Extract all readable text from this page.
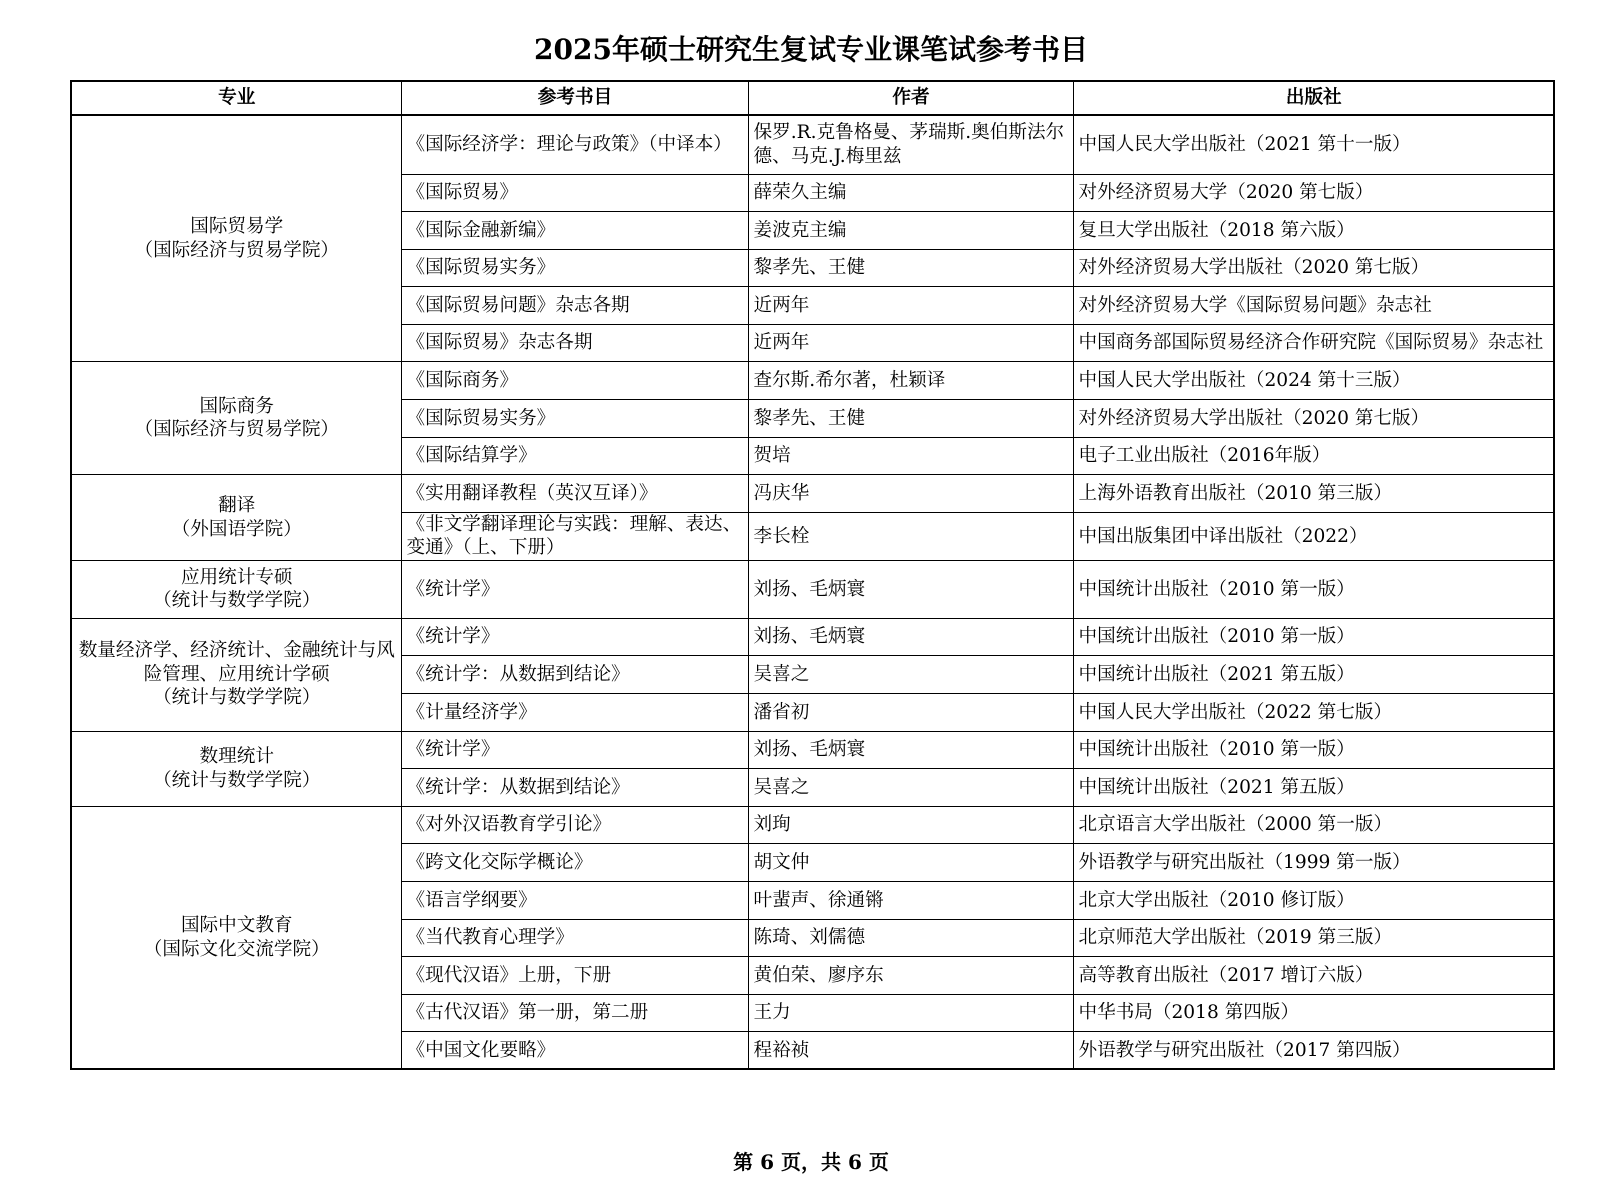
2025年硕士研究生复试专业课笔试参考书目
专业	参考书目	作者	出版社

国际贸易学
（国际经济与贸易学院）	《国际经济学：理论与政策》（中译本）	保罗.R.克鲁格曼、茅瑞斯.奥伯斯法尔德、马克.J.梅里兹	中国人民大学出版社（2021 第十一版）
	《国际贸易》	薛荣久主编	对外经济贸易大学（2020 第七版）
	《国际金融新编》	姜波克主编	复旦大学出版社（2018 第六版）
	《国际贸易实务》	黎孝先、王健	对外经济贸易大学出版社（2020 第七版）
	《国际贸易问题》杂志各期	近两年	对外经济贸易大学《国际贸易问题》杂志社
	《国际贸易》杂志各期	近两年	中国商务部国际贸易经济合作研究院《国际贸易》杂志社

国际商务
（国际经济与贸易学院）	《国际商务》	查尔斯.希尔著，杜颖译	中国人民大学出版社（2024 第十三版）
	《国际贸易实务》	黎孝先、王健	对外经济贸易大学出版社（2020 第七版）
	《国际结算学》	贺培	电子工业出版社（2016年版）

翻译
（外国语学院）	《实用翻译教程（英汉互译）》	冯庆华	上海外语教育出版社（2010 第三版）
	《非文学翻译理论与实践：理解、表达、变通》（上、下册）	李长栓	中国出版集团中译出版社（2022）

应用统计专硕
（统计与数学学院）	《统计学》	刘扬、毛炳寰	中国统计出版社（2010 第一版）

数量经济学、经济统计、金融统计与风险管理、应用统计学硕
（统计与数学学院）	《统计学》	刘扬、毛炳寰	中国统计出版社（2010 第一版）
	《统计学：从数据到结论》	吴喜之	中国统计出版社（2021 第五版）
	《计量经济学》	潘省初	中国人民大学出版社（2022 第七版）

数理统计
（统计与数学学院）	《统计学》	刘扬、毛炳寰	中国统计出版社（2010 第一版）
	《统计学：从数据到结论》	吴喜之	中国统计出版社（2021 第五版）

国际中文教育
（国际文化交流学院）	《对外汉语教育学引论》	刘珣	北京语言大学出版社（2000 第一版）
	《跨文化交际学概论》	胡文仲	外语教学与研究出版社（1999 第一版）
	《语言学纲要》	叶蜚声、徐通锵	北京大学出版社（2010 修订版）
	《当代教育心理学》	陈琦、刘儒德	北京师范大学出版社（2019 第三版）
	《现代汉语》上册，下册	黄伯荣、廖序东	高等教育出版社（2017 增订六版）
	《古代汉语》第一册，第二册	王力	中华书局（2018 第四版）
	《中国文化要略》	程裕祯	外语教学与研究出版社（2017 第四版）
第 6 页，共 6 页
